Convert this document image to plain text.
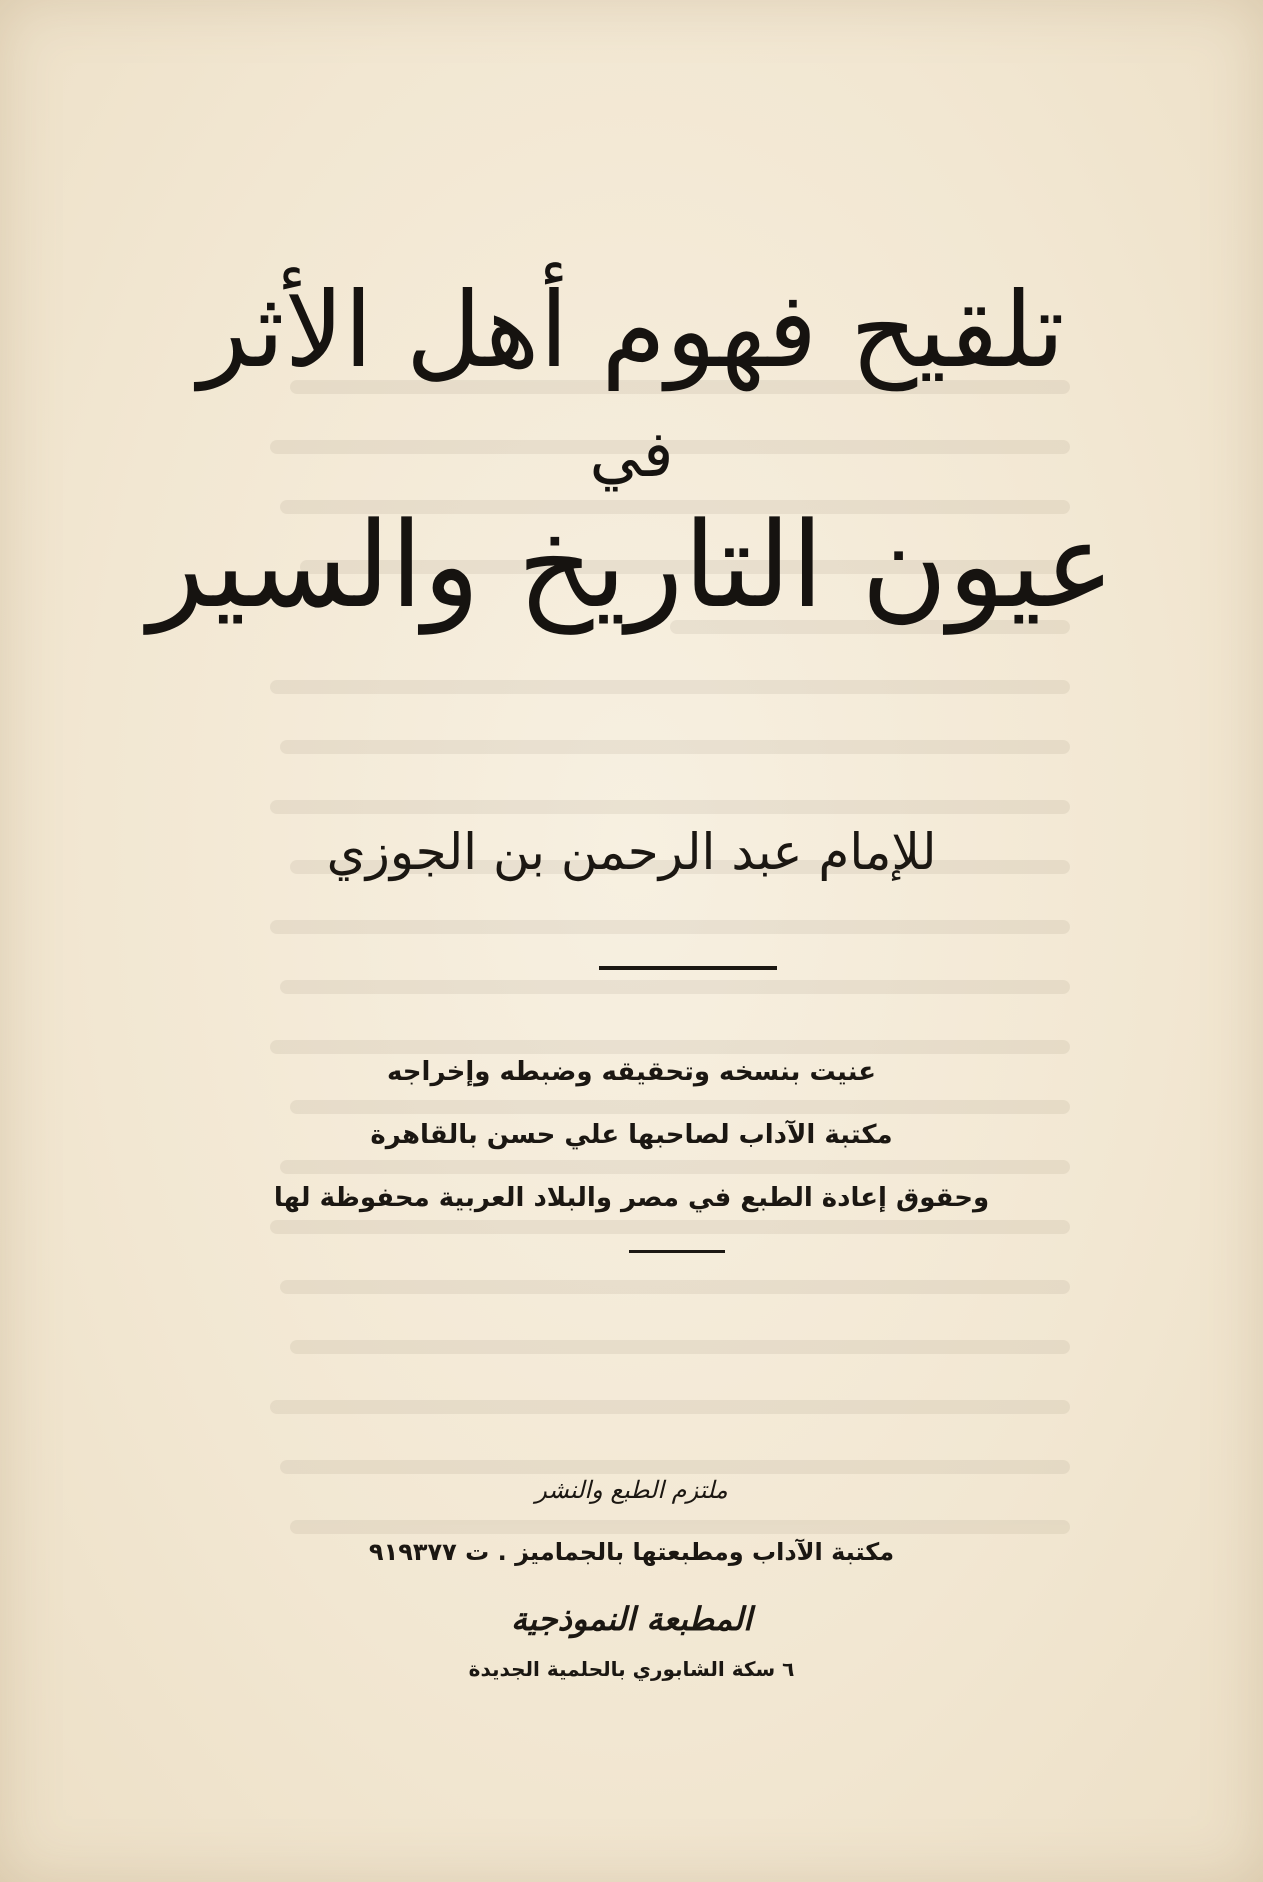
تلقيح فهوم أهل الأثر
في
عيون التاريخ والسير
للإمام عبد الرحمن بن الجوزي
عنيت بنسخه وتحقيقه وضبطه وإخراجه
مكتبة الآداب لصاحبها علي حسن بالقاهرة
وحقوق إعادة الطبع في مصر والبلاد العربية محفوظة لها
ملتزم الطبع والنشر
مكتبة الآداب ومطبعتها بالجماميز . ت ٩١٩٣٧٧
المطبعة النموذجية
٦ سكة الشابوري بالحلمية الجديدة
